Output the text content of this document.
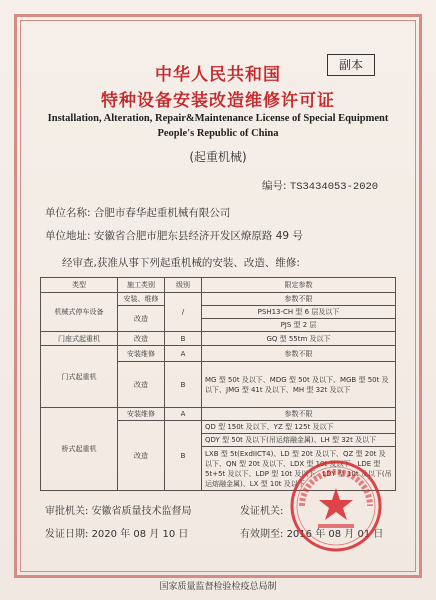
中华人民共和国	副本
特种设备安装改造维修许可证
Installation, Alteration, Repair&Maintenance License of Special Equipment
People's Republic of China
(起重机械)
编号: TS3434053-2020
单位名称: 合肥市春华起重机械有限公司
单位地址: 安徽省合肥市肥东县经济开发区燎原路 49 号
经审查,获准从事下列起重机械的安装、改造、维修:
类型	施工类别	级别	限定参数
机械式停车设备	安装、维修	/	参数不限
	改造		PSH13-CH 型 6 层及以下
			PJS 型 2 层
门座式起重机	改造	B	GQ 型 55tm 及以下
门式起重机	安装维修	A	参数不限
	改造	B	MG 型 50t 及以下、MDG 型 50t 及以下、MGB 型 50t 及以下、JMG 型 41t 及以下、MH 型 32t 及以下
桥式起重机	安装维修	A	参数不限
	改造	B	QD 型 150t 及以下、YZ 型 125t 及以下
			QDY 型 50t 及以下(吊运熔融金属)、LH 型 32t 及以下
			LXB 型 5t(ExdIICT4)、LD 型 20t 及以下、QZ 型 20t 及以下、QN 型 20t 及以下、LDX 型 10t 及以下、LDE 型 5t+5t 及以下、LDP 型 10t 及以下、LDY 型 10t 及以下(吊运熔融金属)、LX 型 10t 及以下
审批机关: 安徽省质量技术监督局	发证机关:
发证日期: 2020 年 08 月 10 日	有效期至: 2016 年 08 月 01 日
国家质量监督检验检疫总局制
